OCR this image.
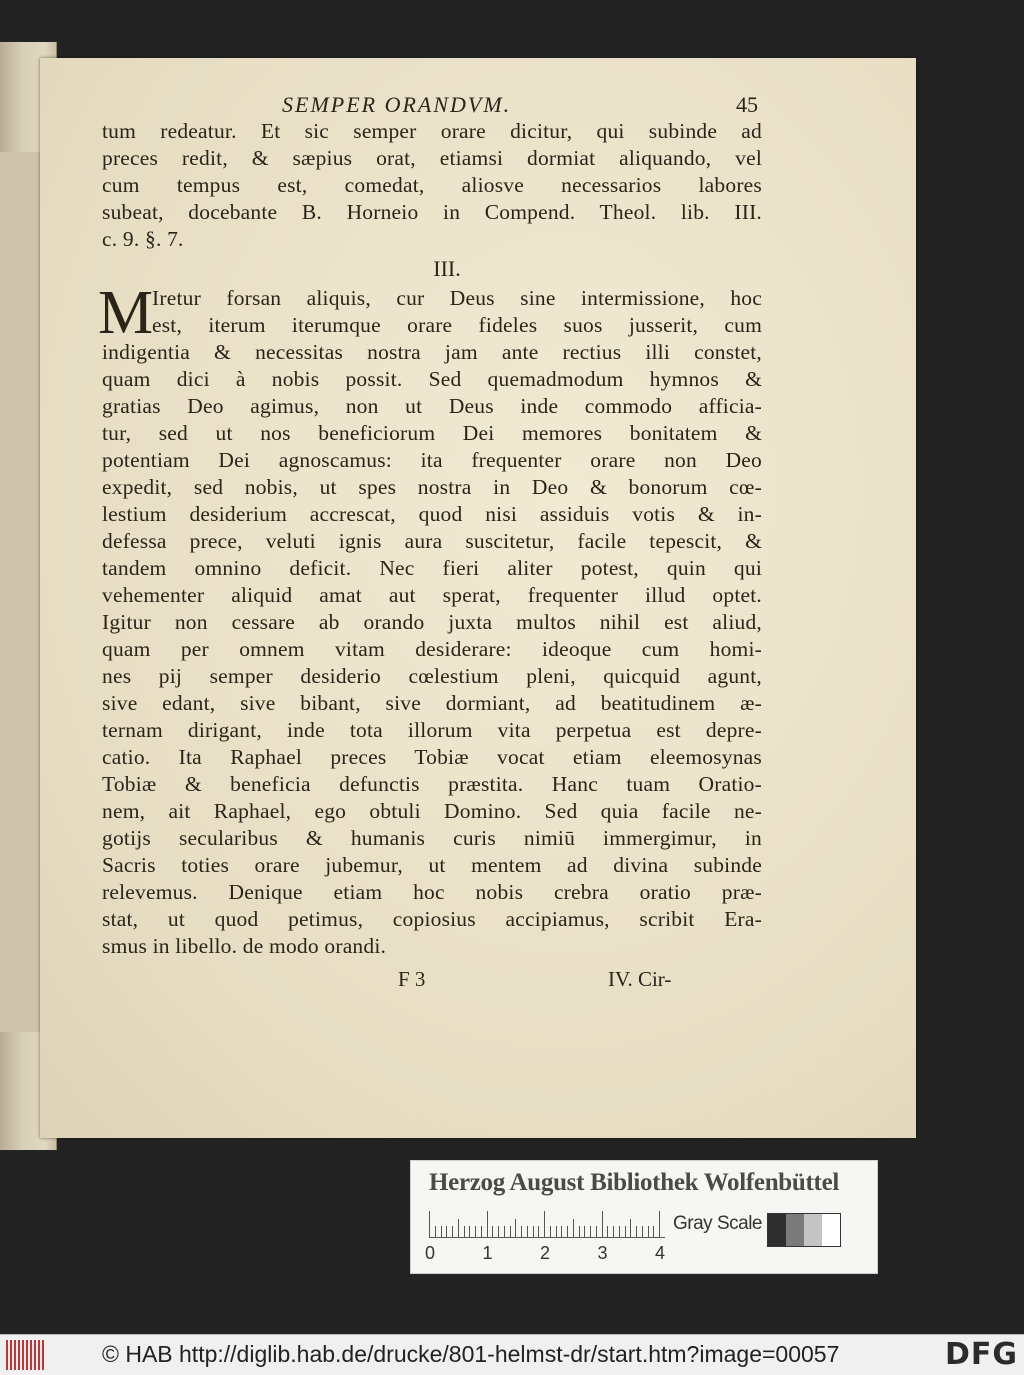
SEMPER ORANDVM.	45
tum redeatur. Et sic semper orare dicitur, qui subinde ad
preces redit, & sæpius orat, etiamsi dormiat aliquando, vel
cum tempus est, comedat, aliosve necessarios labores
subeat, docebante B. Horneio in Compend. Theol. lib. III.
c. 9. §. 7.
III.
M
Iretur forsan aliquis, cur Deus sine intermissione, hoc
est, iterum iterumque orare fideles suos jusserit, cum
indigentia & necessitas nostra jam ante rectius illi constet,
quam dici à nobis possit. Sed quemadmodum hymnos &
gratias Deo agimus, non ut Deus inde commodo afficia-
tur, sed ut nos beneficiorum Dei memores bonitatem &
potentiam Dei agnoscamus: ita frequenter orare non Deo
expedit, sed nobis, ut spes nostra in Deo & bonorum cœ-
lestium desiderium accrescat, quod nisi assiduis votis & in-
defessa prece, veluti ignis aura suscitetur, facile tepescit, &
tandem omnino deficit. Nec fieri aliter potest, quin qui
vehementer aliquid amat aut sperat, frequenter illud optet.
Igitur non cessare ab orando juxta multos nihil est aliud,
quam per omnem vitam desiderare: ideoque cum homi-
nes pij semper desiderio cœlestium pleni, quicquid agunt,
sive edant, sive bibant, sive dormiant, ad beatitudinem æ-
ternam dirigant, inde tota illorum vita perpetua est depre-
catio. Ita Raphael preces Tobiæ vocat etiam eleemosynas
Tobiæ & beneficia defunctis præstita. Hanc tuam Oratio-
nem, ait Raphael, ego obtuli Domino. Sed quia facile ne-
gotijs secularibus & humanis curis nimiū immergimur, in
Sacris toties orare jubemur, ut mentem ad divina subinde
relevemus. Denique etiam hoc nobis crebra oratio præ-
stat, ut quod petimus, copiosius accipiamus, scribit Era-
smus in libello. de modo orandi.
F 3	IV. Cir-
Herzog August Bibliothek Wolfenbüttel
0	1	2	3	4
Gray Scale
© HAB http://diglib.hab.de/drucke/801-helmst-dr/start.htm?image=00057	DFG
